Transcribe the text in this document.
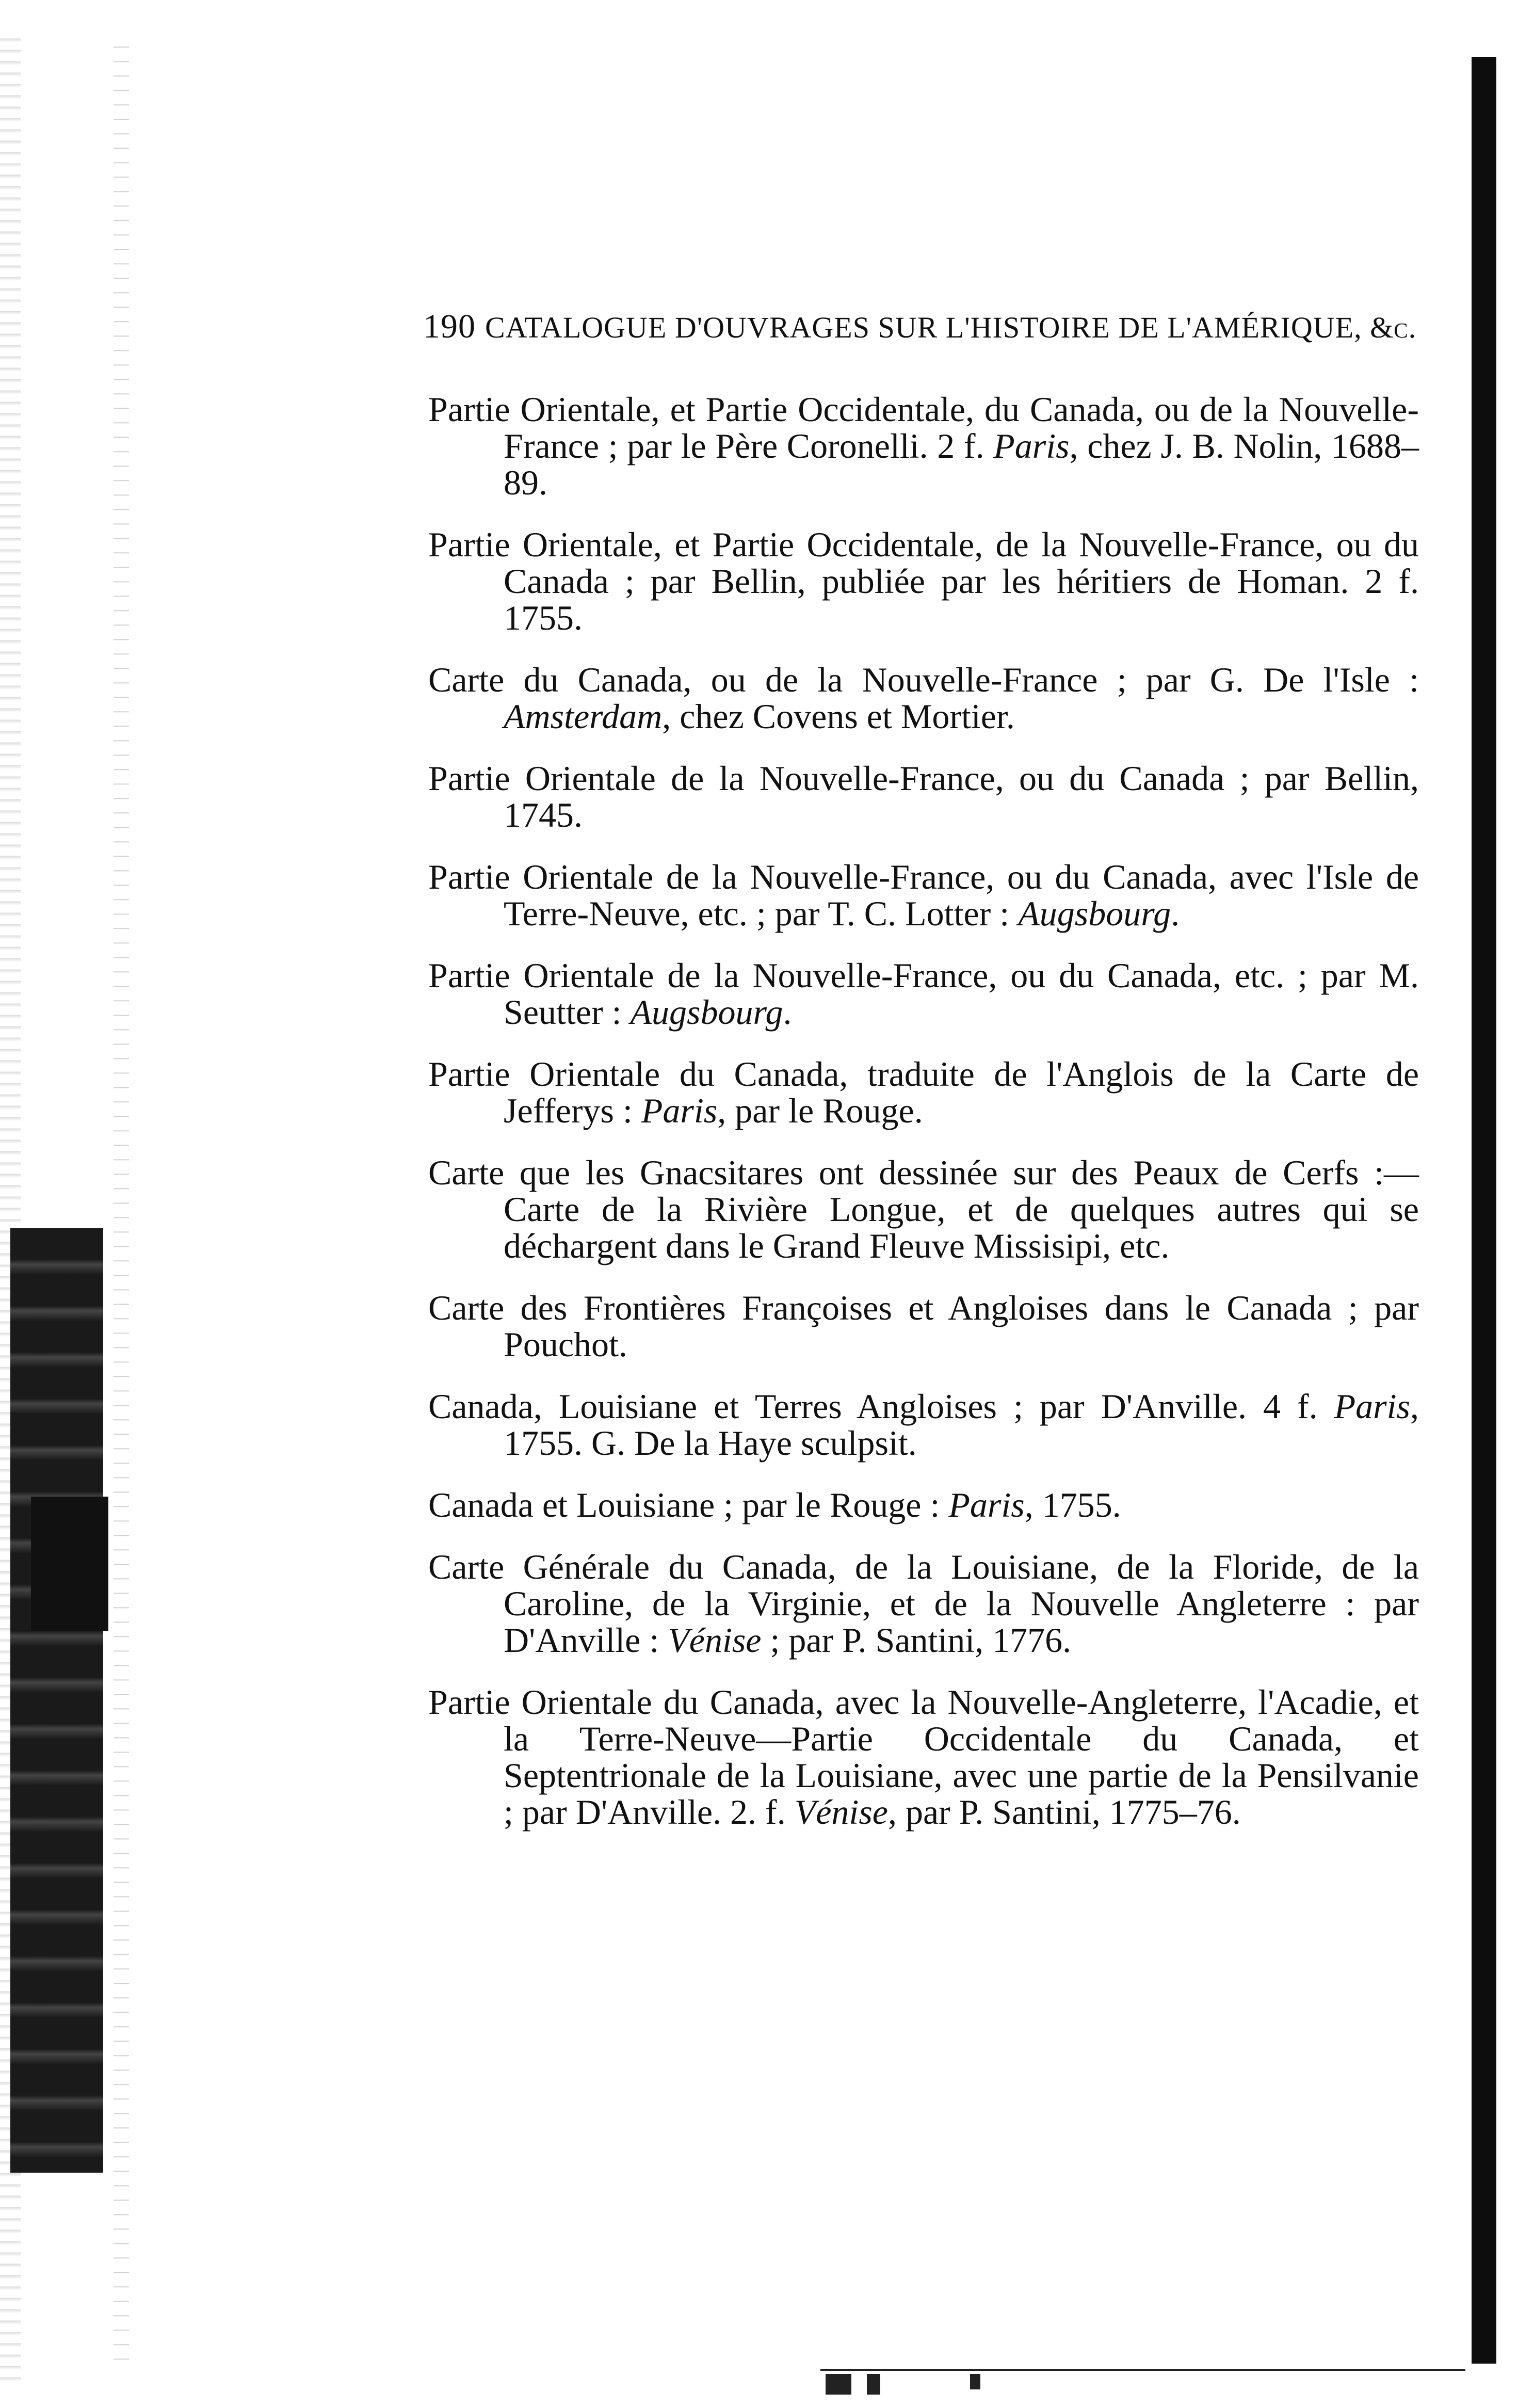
190 CATALOGUE D'OUVRAGES SUR L'HISTOIRE DE L'AMÉRIQUE, &c.
Partie Orientale, et Partie Occidentale, du Canada, ou de la Nouvelle-France ; par le Père Coronelli. 2 f. Paris, chez J. B. Nolin, 1688–89.
Partie Orientale, et Partie Occidentale, de la Nouvelle-France, ou du Canada ; par Bellin, publiée par les héritiers de Homan. 2 f. 1755.
Carte du Canada, ou de la Nouvelle-France ; par G. De l'Isle : Amsterdam, chez Covens et Mortier.
Partie Orientale de la Nouvelle-France, ou du Canada ; par Bellin, 1745.
Partie Orientale de la Nouvelle-France, ou du Canada, avec l'Isle de Terre-Neuve, etc. ; par T. C. Lotter : Augsbourg.
Partie Orientale de la Nouvelle-France, ou du Canada, etc. ; par M. Seutter : Augsbourg.
Partie Orientale du Canada, traduite de l'Anglois de la Carte de Jefferys : Paris, par le Rouge.
Carte que les Gnacsitares ont dessinée sur des Peaux de Cerfs :— Carte de la Rivière Longue, et de quelques autres qui se déchargent dans le Grand Fleuve Missisipi, etc.
Carte des Frontières Françoises et Angloises dans le Canada ; par Pouchot.
Canada, Louisiane et Terres Angloises ; par D'Anville. 4 f. Paris, 1755. G. De la Haye sculpsit.
Canada et Louisiane ; par le Rouge : Paris, 1755.
Carte Générale du Canada, de la Louisiane, de la Floride, de la Caroline, de la Virginie, et de la Nouvelle Angleterre : par D'Anville : Vénise ; par P. Santini, 1776.
Partie Orientale du Canada, avec la Nouvelle-Angleterre, l'Acadie, et la Terre-Neuve—Partie Occidentale du Canada, et Septentrionale de la Louisiane, avec une partie de la Pensilvanie ; par D'Anville. 2. f. Vénise, par P. Santini, 1775–76.
